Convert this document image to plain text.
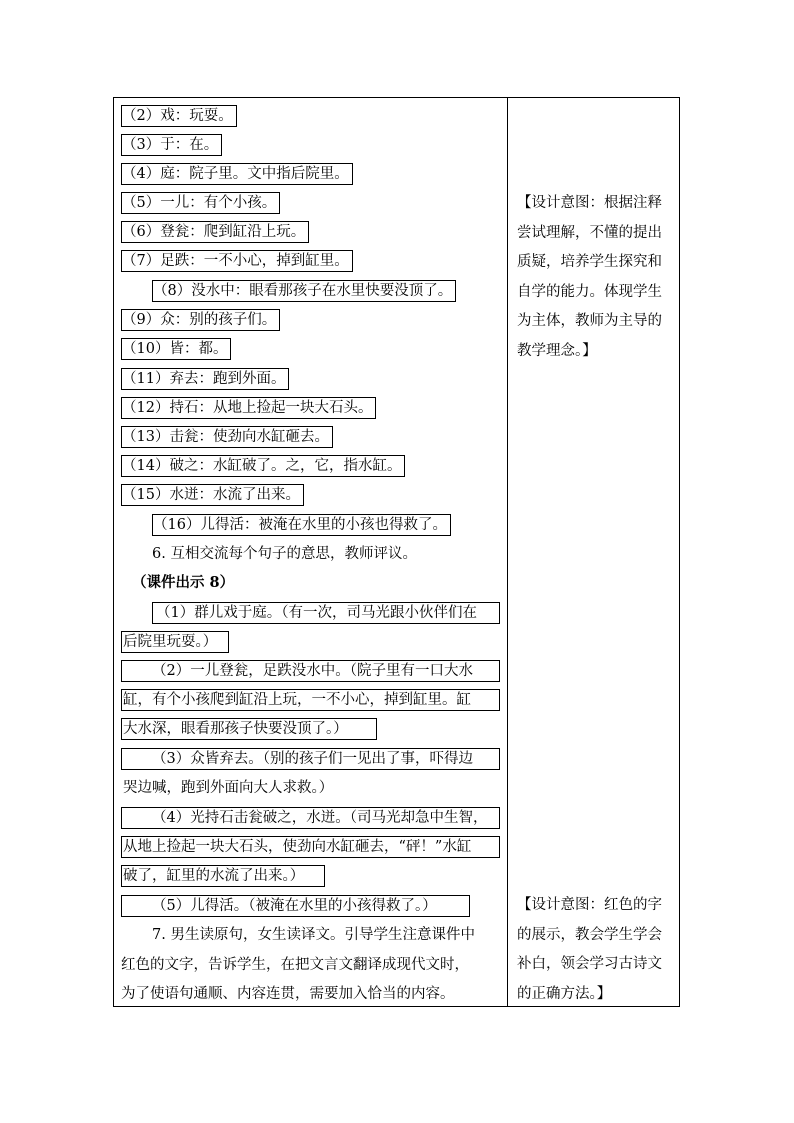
（2）戏：玩耍。
（3）于：在。
（4）庭：院子里。文中指后院里。
（5）一儿：有个小孩。
（6）登瓮：爬到缸沿上玩。
（7）足跌：一不小心，掉到缸里。
（8）没水中：眼看那孩子在水里快要没顶了。
（9）众：别的孩子们。
（10）皆：都。
（11）弃去：跑到外面。
（12）持石：从地上捡起一块大石头。
（13）击瓮：使劲向水缸砸去。
（14）破之：水缸破了。之，它，指水缸。
（15）水迸：水流了出来。
（16）儿得活：被淹在水里的小孩也得救了。
6. 互相交流每个句子的意思，教师评议。
（课件出示 8）
（1）群儿戏于庭。（有一次，司马光跟小伙伴们在
后院里玩耍。）
（2）一儿登瓮，足跌没水中。（院子里有一口大水
缸，有个小孩爬到缸沿上玩，一不小心，掉到缸里。缸
大水深，眼看那孩子快要没顶了。）
（3）众皆弃去。（别的孩子们一见出了事，吓得边
哭边喊，跑到外面向大人求救。）
（4）光持石击瓮破之，水迸。（司马光却急中生智，
从地上捡起一块大石头，使劲向水缸砸去，“砰！”水缸
破了，缸里的水流了出来。）
（5）儿得活。（被淹在水里的小孩得救了。）
7. 男生读原句，女生读译文。引导学生注意课件中
红色的文字，告诉学生，在把文言文翻译成现代文时，
为了使语句通顺、内容连贯，需要加入恰当的内容。
【设计意图：根据注释
尝试理解，不懂的提出
质疑，培养学生探究和
自学的能力。体现学生
为主体，教师为主导的
教学理念。】
【设计意图：红色的字
的展示，教会学生学会
补白，领会学习古诗文
的正确方法。】
